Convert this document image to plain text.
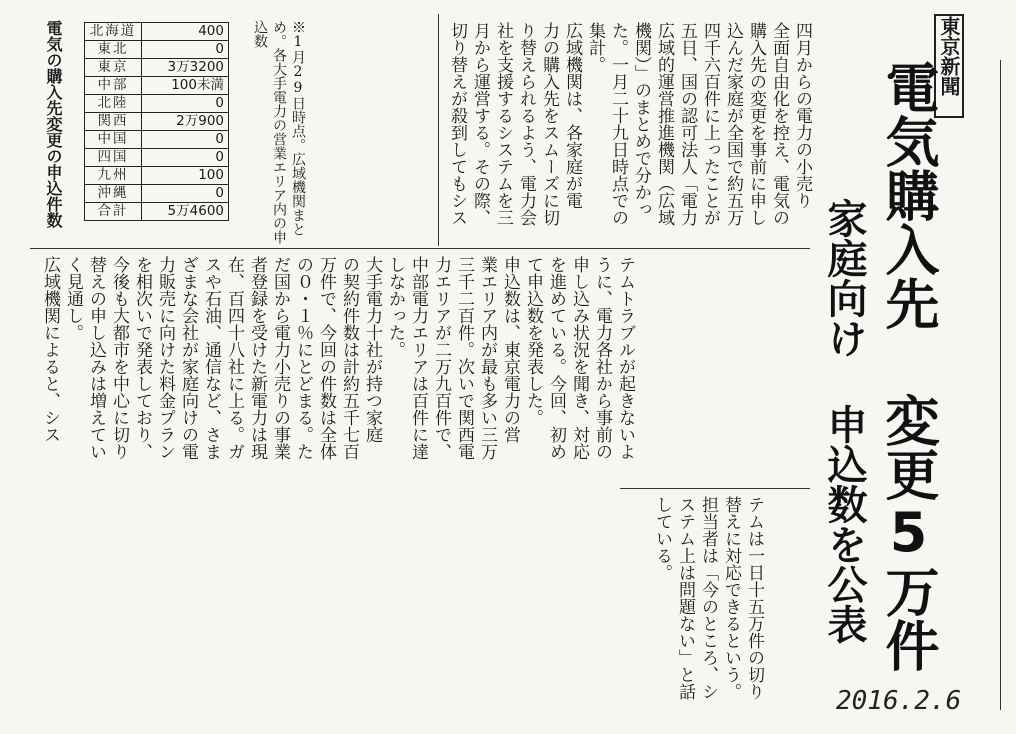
東京新聞
電気購入先 変更5万件
家庭向け 申込数を公表
四月からの電力の小売り
全面自由化を控え、電気の
購入先の変更を事前に申し
込んだ家庭が全国で約五万
四千六百件に上ったことが
五日、国の認可法人「電力
広域的運営推進機関（広域
機関）」のまとめで分かっ
た。一月二十九日時点での
集計。
広域機関は、各家庭が電
力の購入先をスムーズに切
り替えられるよう、電力会
社を支援するシステムを三
月から運営する。その際、
切り替えが殺到してもシス
テムトラブルが起きないよ
うに、電力各社から事前の
申し込み状況を聞き、対応
を進めている。今回、初め
て申込数を発表した。
申込数は、東京電力の営
業エリア内が最も多い三万
三千二百件。次いで関西電
力エリアが二万九百件で、
中部電力エリアは百件に達
しなかった。
大手電力十社が持つ家庭
の契約件数は計約五千七百
万件で、今回の件数は全体
の０・１％にとどまる。た
だ国から電力小売りの事業
者登録を受けた新電力は現
在、百四十八社に上る。ガ
スや石油、通信など、さま
ざまな会社が家庭向けの電
力販売に向けた料金プラン
を相次いで発表しており、
今後も大都市を中心に切り
替えの申し込みは増えてい
く見通し。
広域機関によると、シス
テムは一日十五万件の切り
替えに対応できるという。
担当者は「今のところ、シ
ステム上は問題ない」と話
している。
※1月29日時点。広域機関まとめ。各大手電力の営業エリア内の申込数
電気の購入先変更の申込件数 北海道	400
東北	0
東京	3万3200
中部	100未満
北陸	0
関西	2万900
中国	0
四国	0
九州	100
沖縄	0
合計	5万4600
2016.2.6
